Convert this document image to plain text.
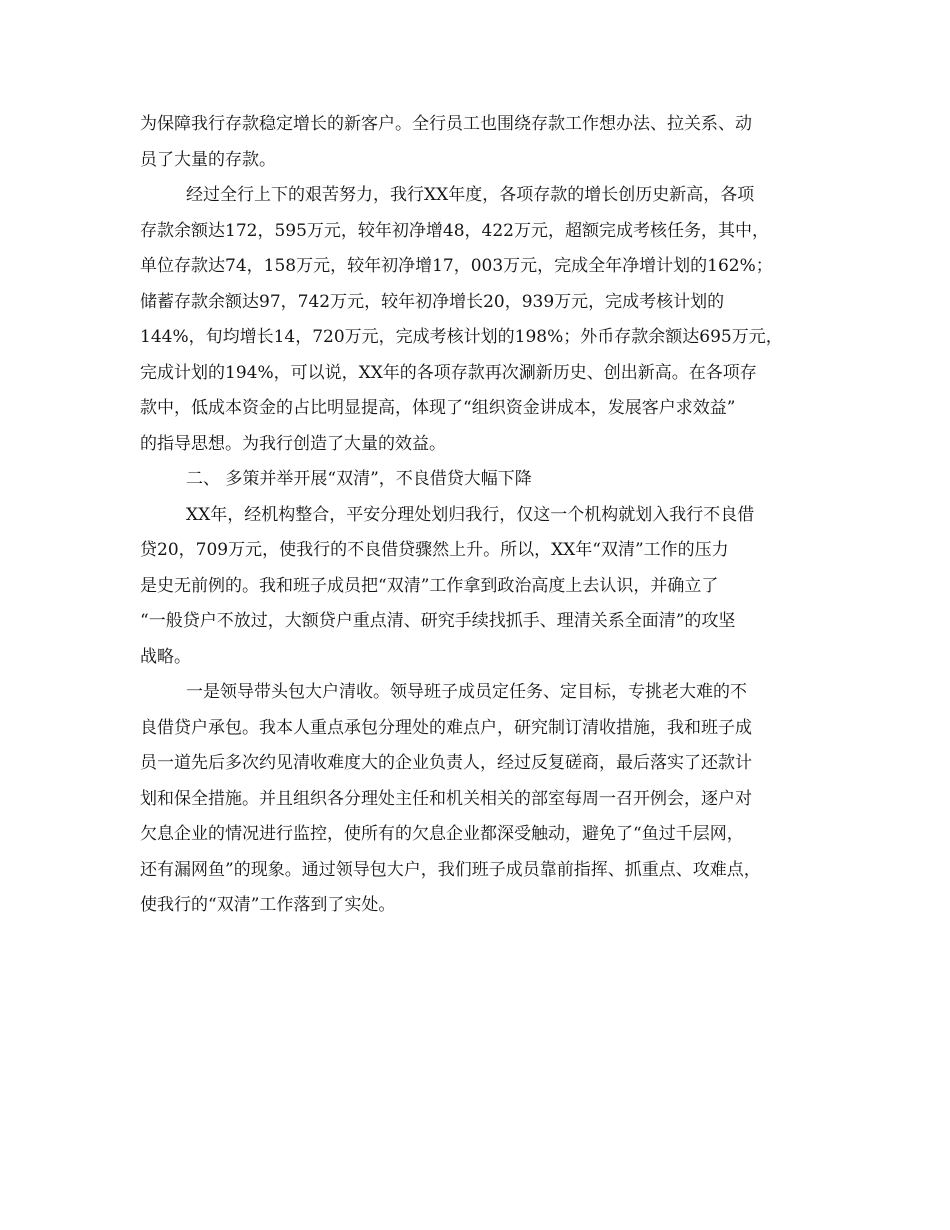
为保障我行存款稳定增长的新客户。全行员工也围绕存款工作想办法、拉关系、动
员了大量的存款。
经过全行上下的艰苦努力，我行XX年度，各项存款的增长创历史新高，各项
存款余额达172，595万元，较年初净增48，422万元，超额完成考核任务，其中，
单位存款达74，158万元，较年初净增17，003万元，完成全年净增计划的162%；
储蓄存款余额达97，742万元，较年初净增长20，939万元，完成考核计划的
144%，旬均增长14，720万元，完成考核计划的198%；外币存款余额达695万元，
完成计划的194%，可以说，XX年的各项存款再次涮新历史、创出新高。在各项存
款中，低成本资金的占比明显提高，体现了“组织资金讲成本，发展客户求效益”
的指导思想。为我行创造了大量的效益。
二、 多策并举开展“双清”，不良借贷大幅下降
XX年，经机构整合，平安分理处划归我行，仅这一个机构就划入我行不良借
贷20，709万元，使我行的不良借贷骤然上升。所以，XX年“双清”工作的压力
是史无前例的。我和班子成员把“双清”工作拿到政治高度上去认识，并确立了
“一般贷户不放过，大额贷户重点清、研究手续找抓手、理清关系全面清”的攻坚
战略。
一是领导带头包大户清收。领导班子成员定任务、定目标，专挑老大难的不
良借贷户承包。我本人重点承包分理处的难点户，研究制订清收措施，我和班子成
员一道先后多次约见清收难度大的企业负责人，经过反复磋商，最后落实了还款计
划和保全措施。并且组织各分理处主任和机关相关的部室每周一召开例会，逐户对
欠息企业的情况进行监控，使所有的欠息企业都深受触动，避免了“鱼过千层网，
还有漏网鱼”的现象。通过领导包大户，我们班子成员靠前指挥、抓重点、攻难点，
使我行的“双清”工作落到了实处。
